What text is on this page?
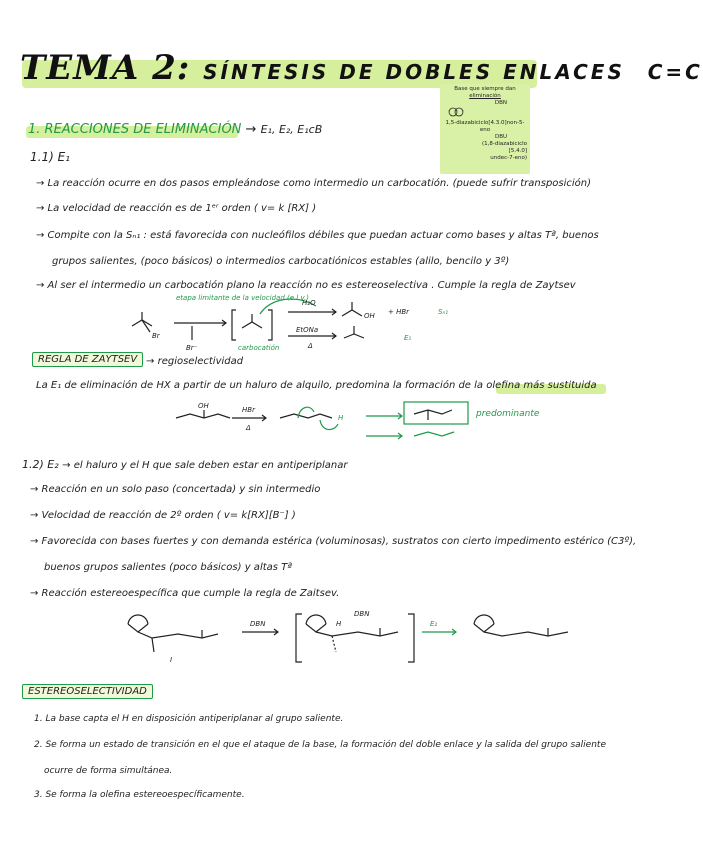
TEMA 2: SÍNTESIS DE DOBLES ENLACES C=C
Base que siempre dan
eliminación
DBN
1,5-diazabiciclo[4.3.0]non-5-eno
DBU
(1,8-diazabiciclo
[5.4.0]
undec-7-eno)
1. REACCIONES DE ELIMINACIÓN → E₁, E₂, E₁cB
1.1) E₁
→ La reacción ocurre en dos pasos empleándose como intermedio un carbocatión. (puede sufrir transposición)
→ La velocidad de reacción es de 1ᵉʳ orden ( v= k [RX] )
→ Compite con la Sₙ₁ : está favorecida con nucleófilos débiles que puedan actuar como bases y altas Tª, buenos
grupos salientes, (poco básicos) o intermedios carbocatiónicos estables (alilo, bencilo y 3º)
→ Al ser el intermedio un carbocatión plano la reacción no es estereoselectiva . Cumple la regla de Zaytsev
Br
etapa limitante de la velocidad (e.l.v.)
Br⁻	carbocatión
H₂O
OH + HBr	Sₙ₁
EtONa
Δ
E₁
REGLA DE ZAYTSEV → regioselectividad
La E₁ de eliminación de HX a partir de un haluro de alquilo, predomina la formación de la olefina más sustituida
OH	HBr
Δ
H	predominante
1.2) E₂ → el haluro y el H que sale deben estar en antiperiplanar
→ Reacción en un solo paso (concertada) y sin intermedio
→ Velocidad de reacción de 2º orden ( v= k[RX][B⁻] )
→ Favorecida con bases fuertes y con demanda estérica (voluminosas), sustratos con cierto impedimento estérico (C3º),
buenos grupos salientes (poco básicos) y altas Tª
→ Reacción estereoespecífica que cumple la regla de Zaitsev.
I
DBN
DBN
H	E₂
ESTEREOSELECTIVIDAD
1. La base capta el H en disposición antiperiplanar al grupo saliente.
2. Se forma un estado de transición en el que el ataque de la base, la formación del doble enlace y la salida del grupo saliente
ocurre de forma simultánea.
3. Se forma la olefina estereoespecíficamente.
